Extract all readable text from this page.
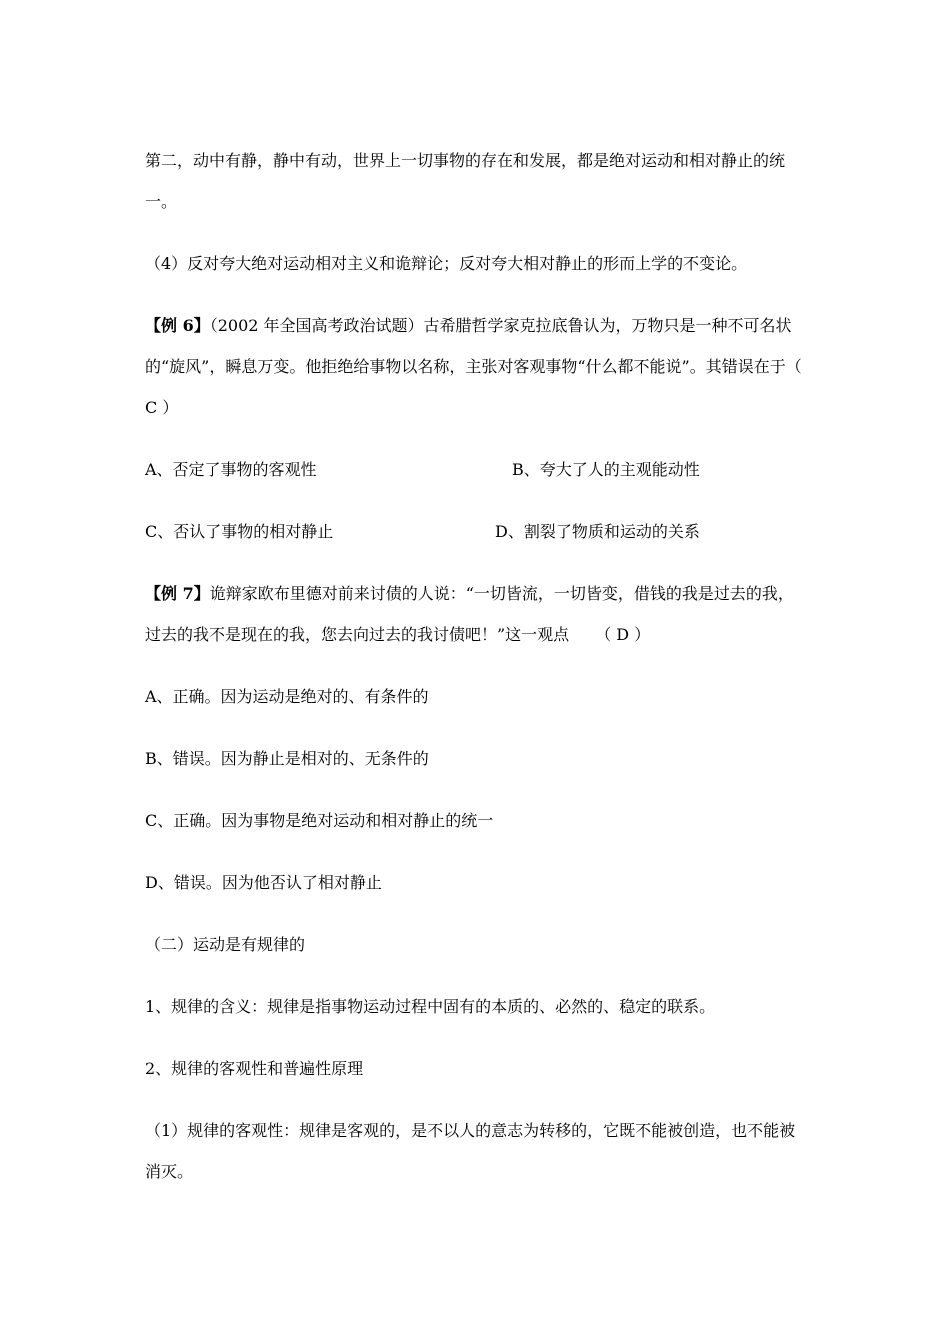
第二，动中有静，静中有动，世界上一切事物的存在和发展，都是绝对运动和相对静止的统一。

（4）反对夸大绝对运动相对主义和诡辩论；反对夸大相对静止的形而上学的不变论。

【例 6】（2002 年全国高考政治试题）古希腊哲学家克拉底鲁认为，万物只是一种不可名状的“旋风”，瞬息万变。他拒绝给事物以名称，主张对客观事物“什么都不能说”。其错误在于（ C ）

A、否定了事物的客观性	B、夸大了人的主观能动性
C、否认了事物的相对静止	D、割裂了物质和运动的关系

【例 7】诡辩家欧布里德对前来讨债的人说：“一切皆流，一切皆变，借钱的我是过去的我，过去的我不是现在的我，您去向过去的我讨债吧！”这一观点 （ D ）

A、正确。因为运动是绝对的、有条件的

B、错误。因为静止是相对的、无条件的

C、正确。因为事物是绝对运动和相对静止的统一

D、错误。因为他否认了相对静止

（二）运动是有规律的

1、规律的含义：规律是指事物运动过程中固有的本质的、必然的、稳定的联系。

2、规律的客观性和普遍性原理

（1）规律的客观性：规律是客观的，是不以人的意志为转移的，它既不能被创造，也不能被消灭。
